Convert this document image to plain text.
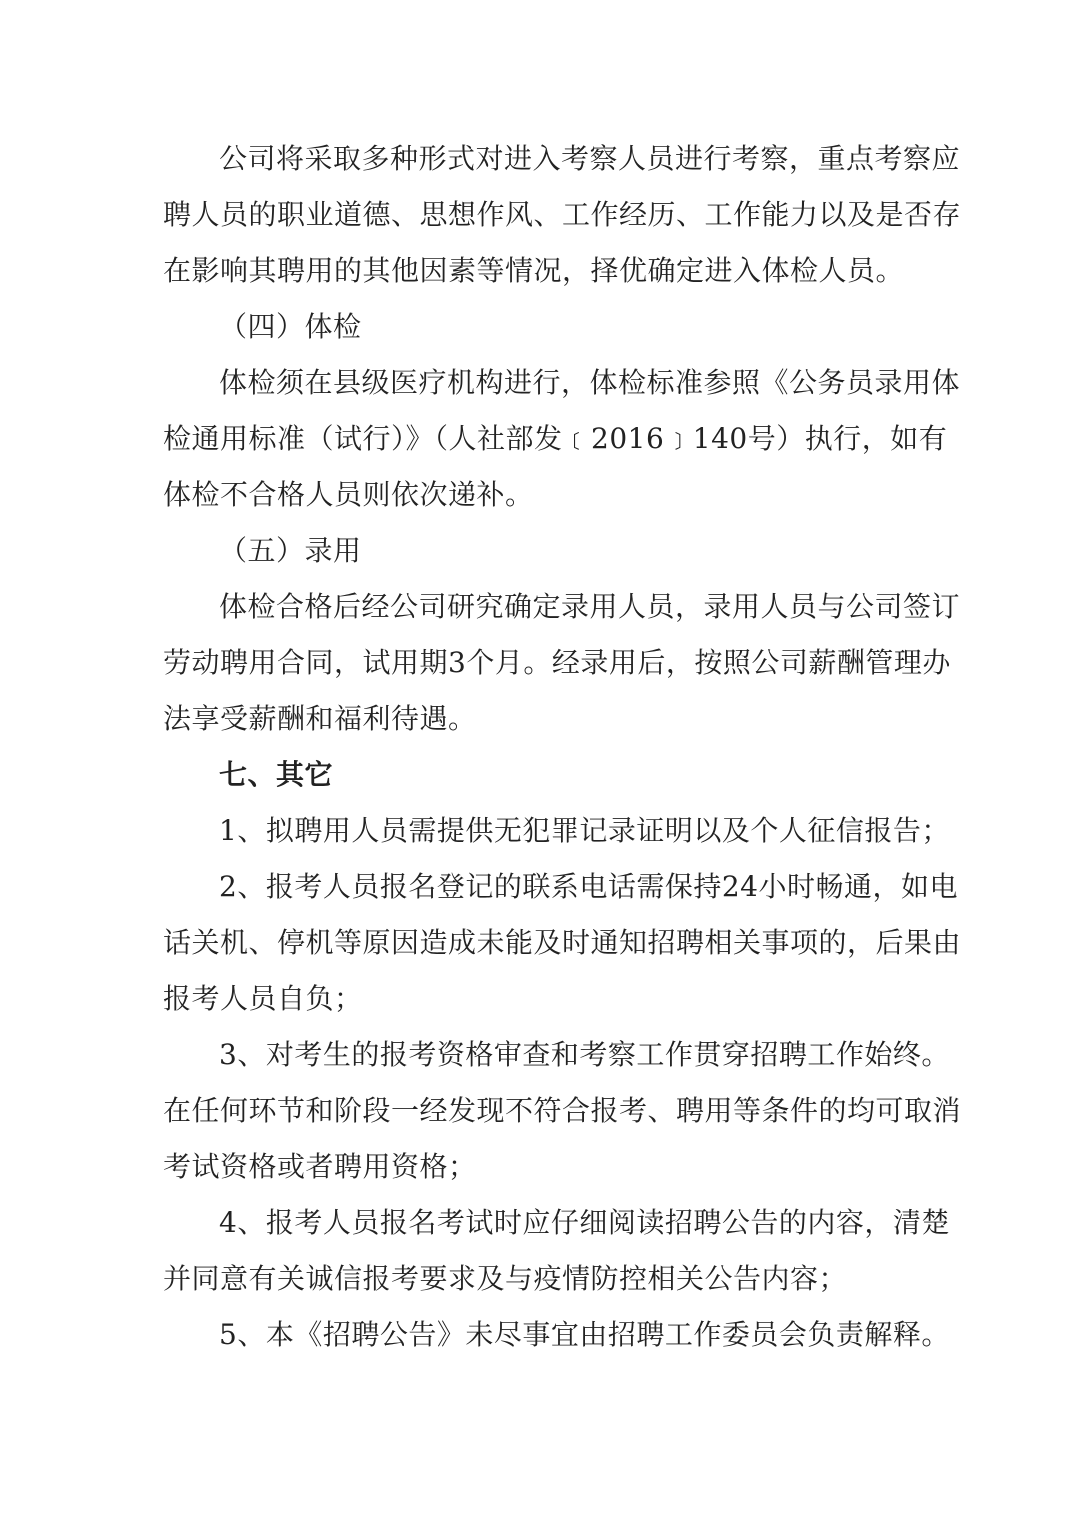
公司将采取多种形式对进入考察人员进行考察，重点考察应
聘人员的职业道德、思想作风、工作经历、工作能力以及是否存
在影响其聘用的其他因素等情况，择优确定进入体检人员。

（四）体检

体检须在县级医疗机构进行，体检标准参照《公务员录用体
检通用标准（试行）》（人社部发﹝2016﹞140号）执行，如有
体检不合格人员则依次递补。

（五）录用

体检合格后经公司研究确定录用人员，录用人员与公司签订
劳动聘用合同，试用期3个月。经录用后，按照公司薪酬管理办
法享受薪酬和福利待遇。

七、其它

1、拟聘用人员需提供无犯罪记录证明以及个人征信报告；

2、报考人员报名登记的联系电话需保持24小时畅通，如电
话关机、停机等原因造成未能及时通知招聘相关事项的，后果由
报考人员自负；

3、对考生的报考资格审查和考察工作贯穿招聘工作始终。
在任何环节和阶段一经发现不符合报考、聘用等条件的均可取消
考试资格或者聘用资格；

4、报考人员报名考试时应仔细阅读招聘公告的内容，清楚
并同意有关诚信报考要求及与疫情防控相关公告内容；

5、本《招聘公告》未尽事宜由招聘工作委员会负责解释。
